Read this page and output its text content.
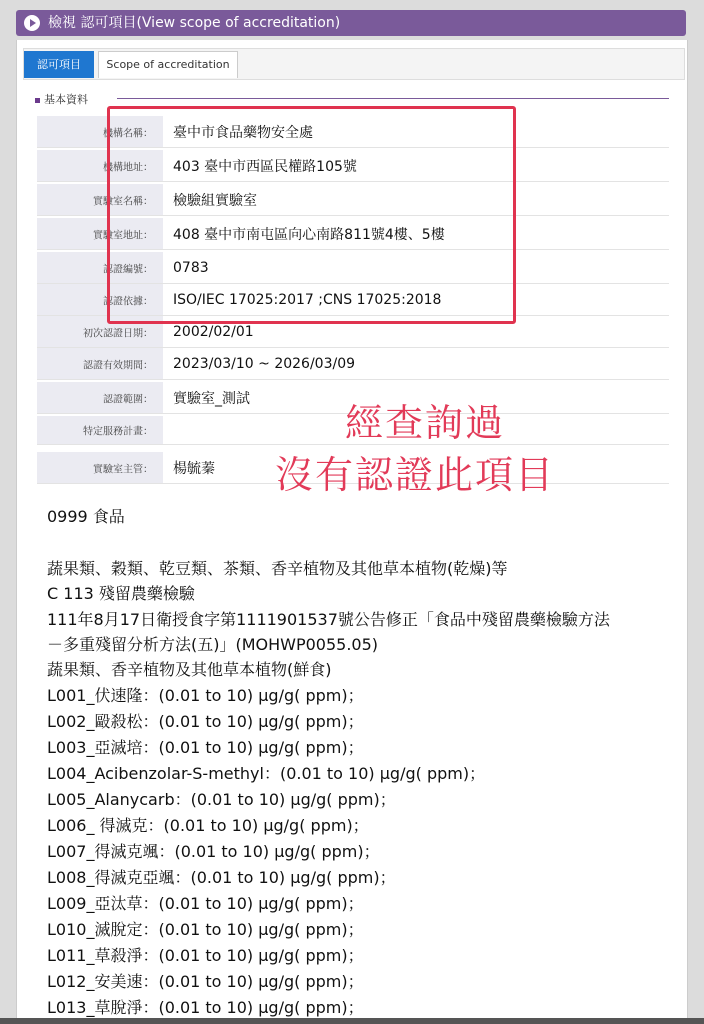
檢視 認可項目(View scope of accreditation)
認可項目	Scope of accreditation
基本資料
機構名稱： 臺中市食品藥物安全處
機構地址： 403 臺中市西區民權路105號
實驗室名稱： 檢驗組實驗室
實驗室地址： 408 臺中市南屯區向心南路811號4樓、5樓
認證編號： 0783
認證依據： ISO/IEC 17025:2017 ;CNS 17025:2018
初次認證日期： 2002/02/01
認證有效期間： 2023/03/10 ~ 2026/03/09
認證範圍： 實驗室_測試
特定服務計畫：
實驗室主管： 楊毓蓁
經查詢過
沒有認證此項目
0999 食品
蔬果類、穀類、乾豆類、茶類、香辛植物及其他草本植物(乾燥)等
C 113 殘留農藥檢驗
111年8月17日衛授食字第1111901537號公告修正「食品中殘留農藥檢驗方法
－多重殘留分析方法(五)」(MOHWP0055.05)
蔬果類、香辛植物及其他草本植物(鮮食)
L001_伏速隆：(0.01 to 10) μg/g( ppm)；
L002_毆殺松：(0.01 to 10) μg/g( ppm)；
L003_亞滅培：(0.01 to 10) μg/g( ppm)；
L004_Acibenzolar-S-methyl：(0.01 to 10) μg/g( ppm)；
L005_Alanycarb：(0.01 to 10) μg/g( ppm)；
L006_ 得滅克：(0.01 to 10) μg/g( ppm)；
L007_得滅克颯：(0.01 to 10) μg/g( ppm)；
L008_得滅克亞颯：(0.01 to 10) μg/g( ppm)；
L009_亞汰草：(0.01 to 10) μg/g( ppm)；
L010_滅脫定：(0.01 to 10) μg/g( ppm)；
L011_草殺淨：(0.01 to 10) μg/g( ppm)；
L012_安美速：(0.01 to 10) μg/g( ppm)；
L013_草脫淨：(0.01 to 10) μg/g( ppm)；
